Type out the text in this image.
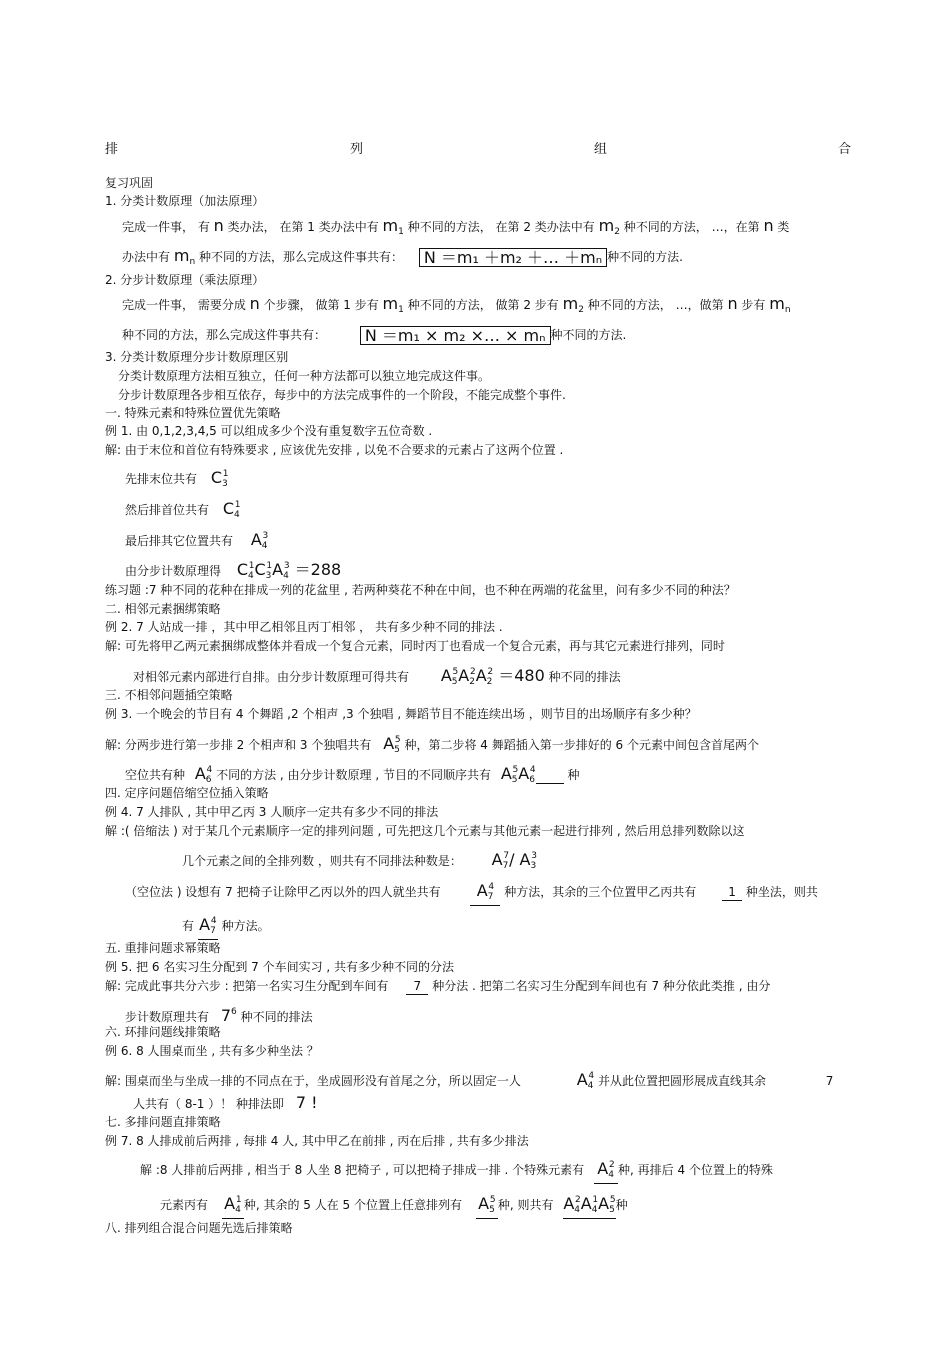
排	列	组	合
复习巩固
1. 分类计数原理（加法原理）
完成一件事， 有 n 类办法， 在第 1 类办法中有 $m_1$ 种不同的方法， 在第 2 类办法中有 $m_2$ 种不同的方法， …，在第 n 类
办法中有 $m_n$ 种不同的方法，那么完成这件事共有： N ＝m₁ ＋m₂ ＋… ＋mₙ 种不同的方法.
2. 分步计数原理（乘法原理）
完成一件事， 需要分成 n 个步骤， 做第 1 步有 $m_1$ 种不同的方法， 做第 2 步有 $m_2$ 种不同的方法， …，做第 n 步有 $m_n$
种不同的方法，那么完成这件事共有： N ＝m₁ × m₂ ×… × mₙ 种不同的方法.
3. 分类计数原理分步计数原理区别
分类计数原理方法相互独立，任何一种方法都可以独立地完成这件事。
分步计数原理各步相互依存，每步中的方法完成事件的一个阶段，不能完成整个事件.
一. 特殊元素和特殊位置优先策略
例 1. 由 0,1,2,3,4,5 可以组成多少个没有重复数字五位奇数 .
解: 由于末位和首位有特殊要求 , 应该优先安排 , 以免不合要求的元素占了这两个位置 .
先排末位共有 $C_3^1$
然后排首位共有 $C_4^1$
最后排其它位置共有 $A_4^3$
由分步计数原理得 $C_4^1C_3^1A_4^3 =288$
练习题 :7 种不同的花种在排成一列的花盆里 , 若两种葵花不种在中间，也不种在两端的花盆里，问有多少不同的种法？
二. 相邻元素捆绑策略
例 2. 7 人站成一排 ，其中甲乙相邻且丙丁相邻 ， 共有多少种不同的排法 .
解: 可先将甲乙两元素捆绑成整体并看成一个复合元素，同时丙丁也看成一个复合元素，再与其它元素进行排列，同时
对相邻元素内部进行自排。由分步计数原理可得共有 $A_5^5A_2^2A_2^2 =480$ 种不同的排法
三. 不相邻问题插空策略
例 3. 一个晚会的节目有 4 个舞蹈 ,2 个相声 ,3 个独唱 , 舞蹈节目不能连续出场 ，则节目的出场顺序有多少种？
解: 分两步进行第一步排 2 个相声和 3 个独唱共有 $A_5^5$ 种，第二步将 4 舞蹈插入第一步排好的 6 个元素中间包含首尾两个
空位共有种 $A_6^4$ 不同的方法 , 由分步计数原理 , 节目的不同顺序共有 $A_5^5A_6^4$	种
四. 定序问题倍缩空位插入策略
例 4. 7 人排队 , 其中甲乙丙 3 人顺序一定共有多少不同的排法
解 :( 倍缩法 ) 对于某几个元素顺序一定的排列问题 , 可先把这几个元素与其他元素一起进行排列 , 然后用总排列数除以这
几个元素之间的全排列数 ，则共有不同排法种数是： $A_7^7/$ $A_3^3$
（空位法 ) 设想有 7 把椅子让除甲乙丙以外的四人就坐共有 $A_7^4$ 种方法，其余的三个位置甲乙丙共有	1 种坐法，则共
有 $A_7^4$ 种方法。
五. 重排问题求幂策略
例 5. 把 6 名实习生分配到 7 个车间实习 , 共有多少种不同的分法
解: 完成此事共分六步 : 把第一名实习生分配到车间有 7 种分法 . 把第二名实习生分配到车间也有 7 种分依此类推 , 由分
步计数原理共有 $7^6$ 种不同的排法
六. 环排问题线排策略
例 6. 8 人围桌而坐 , 共有多少种坐法 ？
解: 围桌而坐与坐成一排的不同点在于，坐成圆形没有首尾之分，所以固定一人	$A_4^4$ 并从此位置把圆形展成直线其余	7
人共有（ 8-1 ）！ 种排法即 7 !
七. 多排问题直排策略
例 7. 8 人排成前后两排 , 每排 4 人, 其中甲乙在前排 , 丙在后排 , 共有多少排法
解 :8 人排前后两排 , 相当于 8 人坐 8 把椅子 , 可以把椅子排成一排 . 个特殊元素有 $A_4^2$ 种, 再排后 4 个位置上的特殊
元素丙有 $A_4^1$ 种, 其余的 5 人在 5 个位置上任意排列有 $A_5^5$ 种, 则共有 $A_4^2A_4^1A_5^5$种
八. 排列组合混合问题先选后排策略
